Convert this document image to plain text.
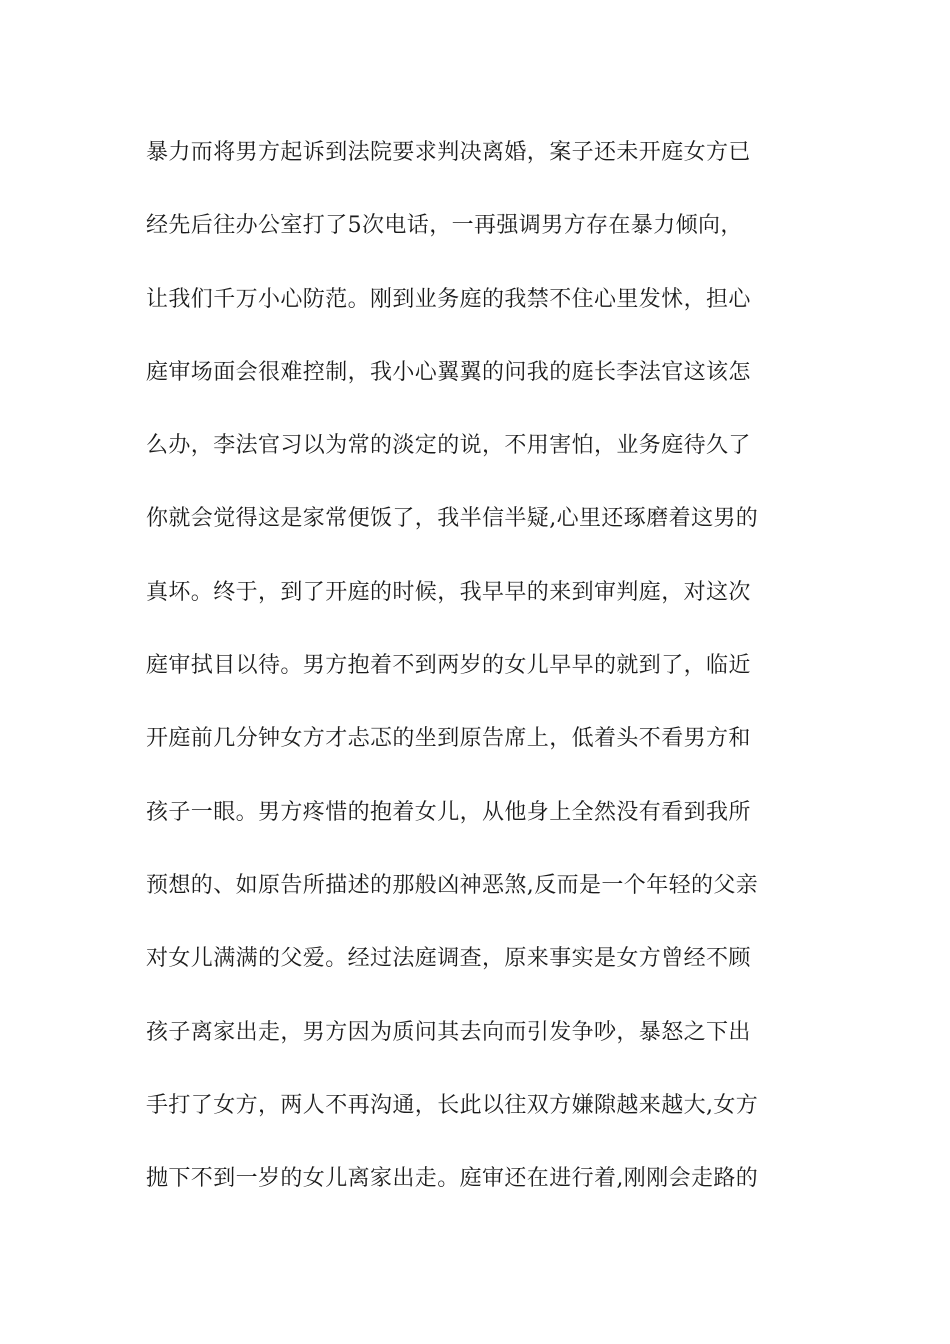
暴力而将男方起诉到法院要求判决离婚，案子还未开庭女方已
经先后往办公室打了5次电话，一再强调男方存在暴力倾向，
让我们千万小心防范。刚到业务庭的我禁不住心里发怵，担心
庭审场面会很难控制，我小心翼翼的问我的庭长李法官这该怎
么办，李法官习以为常的淡定的说，不用害怕，业务庭待久了
你就会觉得这是家常便饭了，我半信半疑,心里还琢磨着这男的
真坏。终于，到了开庭的时候，我早早的来到审判庭，对这次
庭审拭目以待。男方抱着不到两岁的女儿早早的就到了，临近
开庭前几分钟女方才忐忑的坐到原告席上，低着头不看男方和
孩子一眼。男方疼惜的抱着女儿，从他身上全然没有看到我所
预想的、如原告所描述的那般凶神恶煞,反而是一个年轻的父亲
对女儿满满的父爱。经过法庭调查，原来事实是女方曾经不顾
孩子离家出走，男方因为质问其去向而引发争吵，暴怒之下出
手打了女方，两人不再沟通，长此以往双方嫌隙越来越大,女方
抛下不到一岁的女儿离家出走。庭审还在进行着,刚刚会走路的
